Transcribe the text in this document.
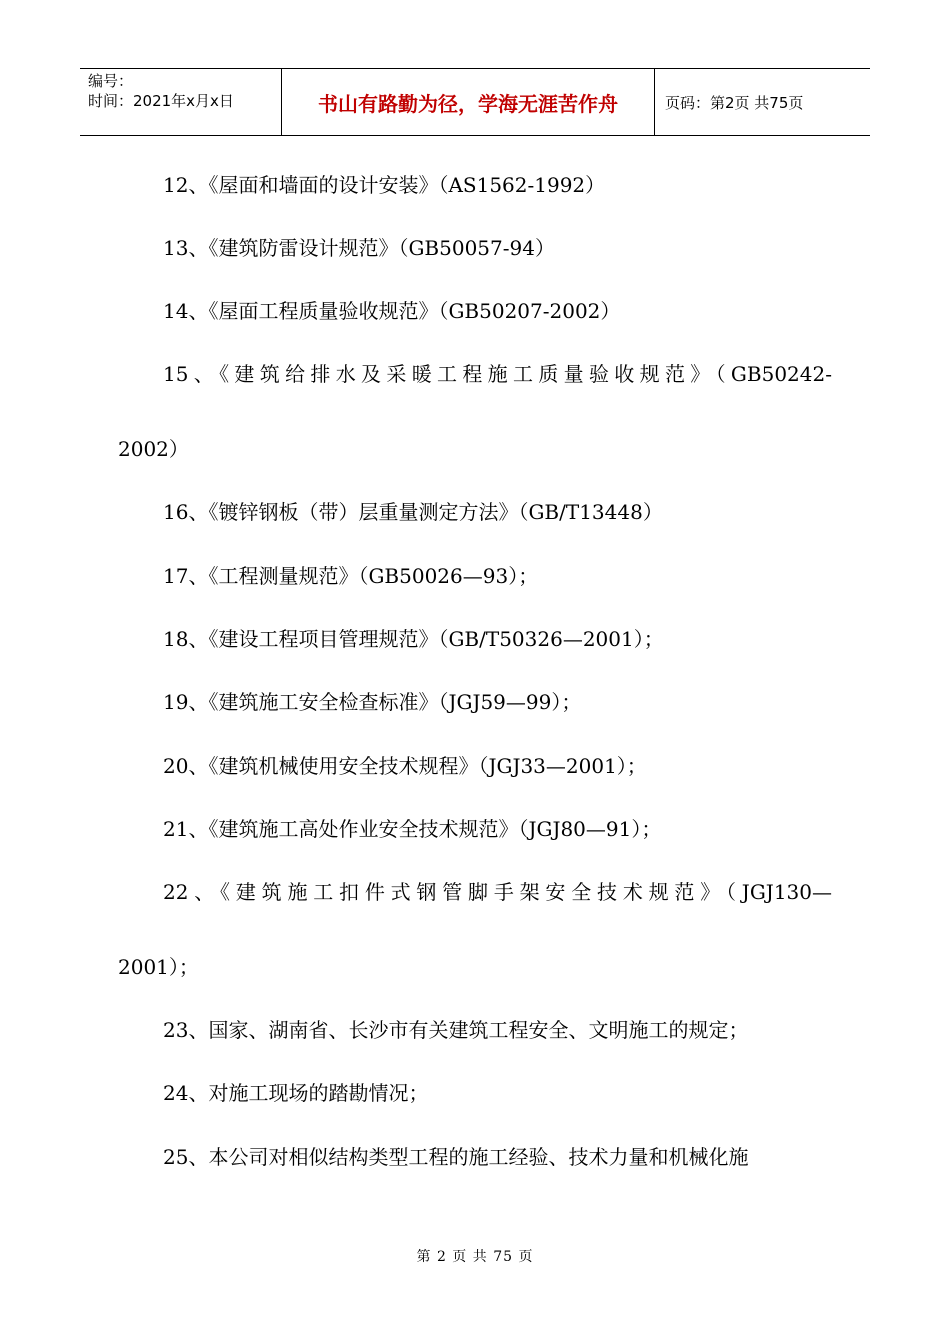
编号：
时间：2021年x月x日	书山有路勤为径，学海无涯苦作舟	页码：第2页 共75页
12、《屋面和墙面的设计安装》（AS1562-1992）
13、《建筑防雷设计规范》（GB50057-94）
14、《屋面工程质量验收规范》（GB50207-2002）
15、《建筑给排水及采暖工程施工质量验收规范》（GB50242-
2002）
16、《镀锌钢板（带）层重量测定方法》（GB/T13448）
17、《工程测量规范》（GB50026—93）；
18、《建设工程项目管理规范》（GB/T50326—2001）；
19、《建筑施工安全检查标准》（JGJ59—99）；
20、《建筑机械使用安全技术规程》（JGJ33—2001）；
21、《建筑施工高处作业安全技术规范》（JGJ80—91）；
22、《建筑施工扣件式钢管脚手架安全技术规范》（JGJ130—
2001）；
23、国家、湖南省、长沙市有关建筑工程安全、文明施工的规定；
24、对施工现场的踏勘情况；
25、本公司对相似结构类型工程的施工经验、技术力量和机械化施
第 2 页 共 75 页
